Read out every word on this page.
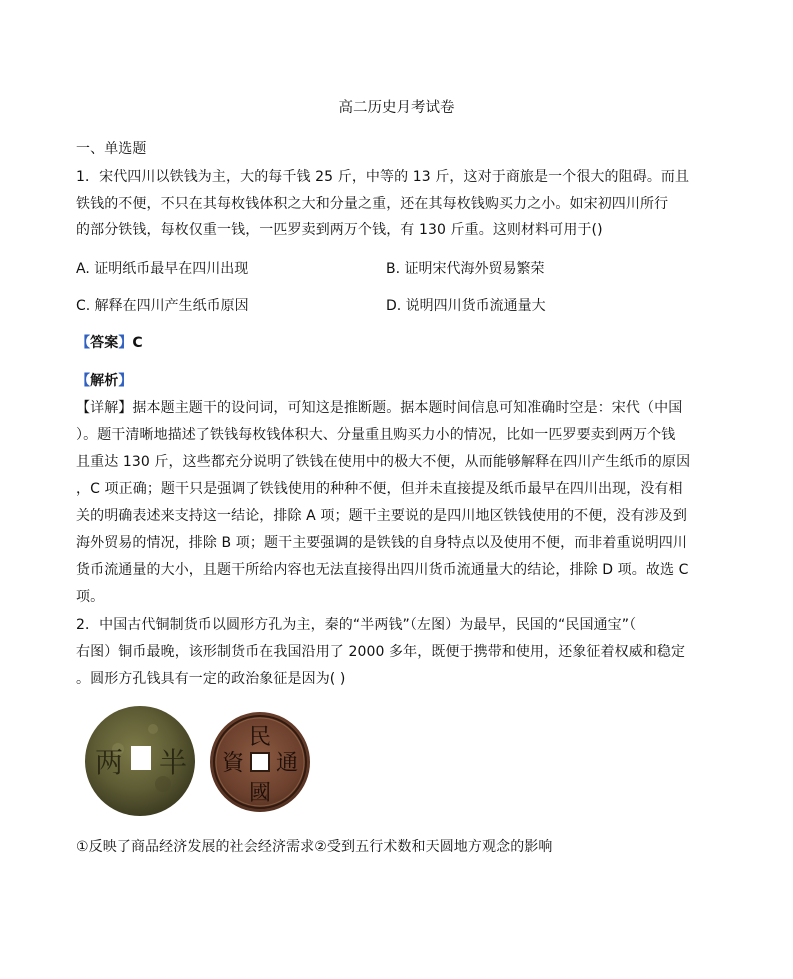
高二历史月考试卷
一、单选题
1．宋代四川以铁钱为主，大的每千钱 25 斤，中等的 13 斤，这对于商旅是一个很大的阻碍。而且
铁钱的不便，不只在其每枚钱体积之大和分量之重，还在其每枚钱购买力之小。如宋初四川所行
的部分铁钱，每枚仅重一钱，一匹罗卖到两万个钱，有 130 斤重。这则材料可用于()
A. 证明纸币最早在四川出现	B. 证明宋代海外贸易繁荣
C. 解释在四川产生纸币原因	D. 说明四川货币流通量大
【答案】C
【解析】
【详解】据本题主题干的设问词，可知这是推断题。据本题时间信息可知准确时空是：宋代（中国
）。题干清晰地描述了铁钱每枚钱体积大、分量重且购买力小的情况，比如一匹罗要卖到两万个钱
且重达 130 斤，这些都充分说明了铁钱在使用中的极大不便，从而能够解释在四川产生纸币的原因
，C 项正确；题干只是强调了铁钱使用的种种不便，但并未直接提及纸币最早在四川出现，没有相
关的明确表述来支持这一结论，排除 A 项；题干主要说的是四川地区铁钱使用的不便，没有涉及到
海外贸易的情况，排除 B 项；题干主要强调的是铁钱的自身特点以及使用不便，而非着重说明四川
货币流通量的大小，且题干所给内容也无法直接得出四川货币流通量大的结论，排除 D 项。故选 C
项。
2．中国古代铜制货币以圆形方孔为主，秦的“半两钱”（左图）为最早，民国的“民国通宝”（
右图）铜币最晚，该形制货币在我国沿用了 2000 多年，既便于携带和使用，还象征着权威和稳定
。圆形方孔钱具有一定的政治象征是因为( )
两 半
民
通
國
資
①反映了商品经济发展的社会经济需求②受到五行术数和天圆地方观念的影响
